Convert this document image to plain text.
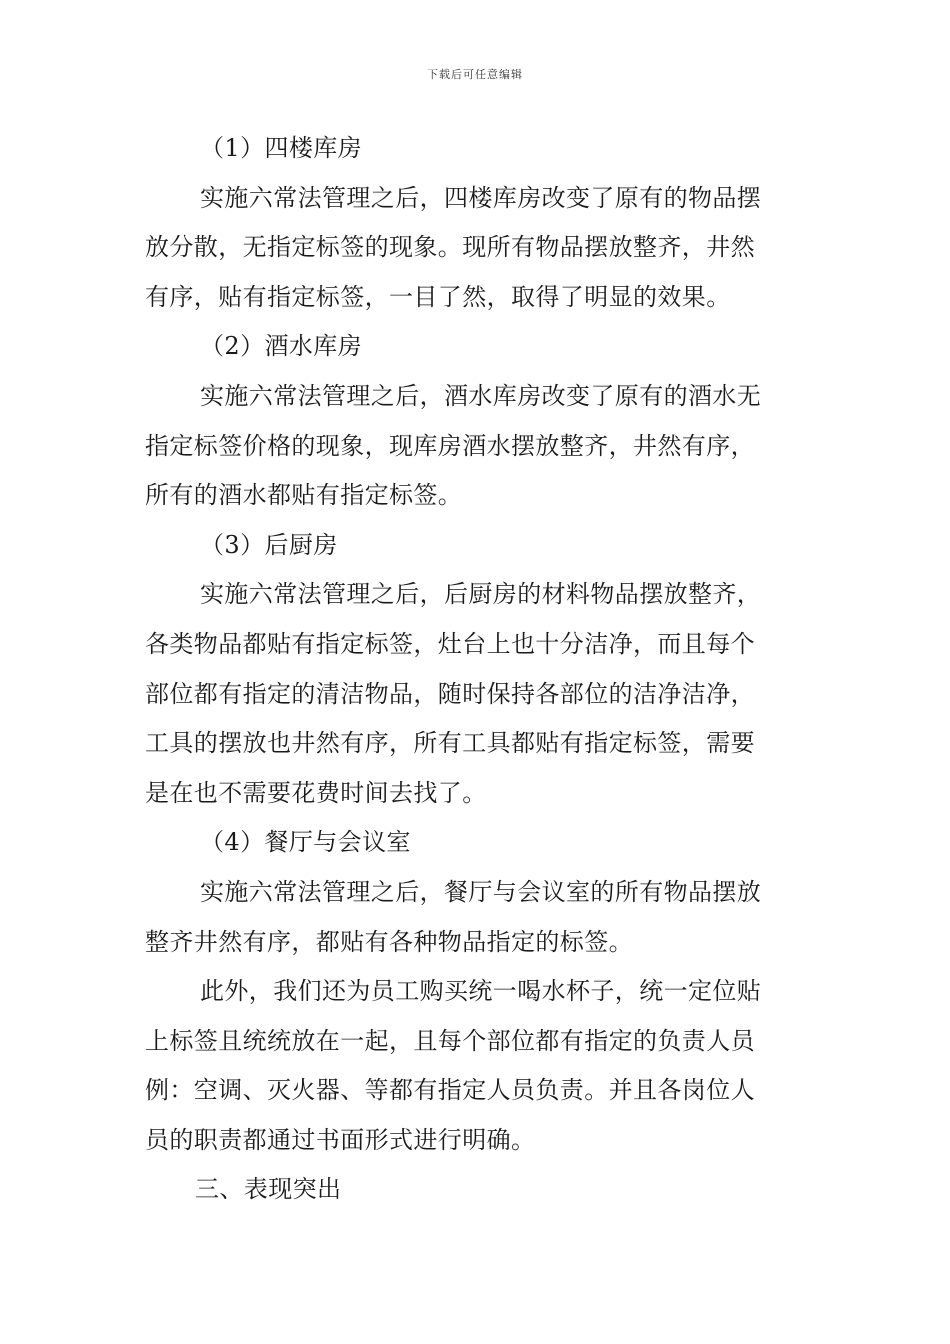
下载后可任意编辑
（1）四楼库房
实施六常法管理之后，四楼库房改变了原有的物品摆
放分散，无指定标签的现象。现所有物品摆放整齐，井然
有序，贴有指定标签，一目了然，取得了明显的效果。
（2）酒水库房
实施六常法管理之后，酒水库房改变了原有的酒水无
指定标签价格的现象，现库房酒水摆放整齐，井然有序，
所有的酒水都贴有指定标签。
（3）后厨房
实施六常法管理之后，后厨房的材料物品摆放整齐，
各类物品都贴有指定标签，灶台上也十分洁净，而且每个
部位都有指定的清洁物品，随时保持各部位的洁净洁净，
工具的摆放也井然有序，所有工具都贴有指定标签，需要
是在也不需要花费时间去找了。
（4）餐厅与会议室
实施六常法管理之后，餐厅与会议室的所有物品摆放
整齐井然有序，都贴有各种物品指定的标签。
此外，我们还为员工购买统一喝水杯子，统一定位贴
上标签且统统放在一起，且每个部位都有指定的负责人员
例：空调、灭火器、等都有指定人员负责。并且各岗位人
员的职责都通过书面形式进行明确。
三、表现突出
